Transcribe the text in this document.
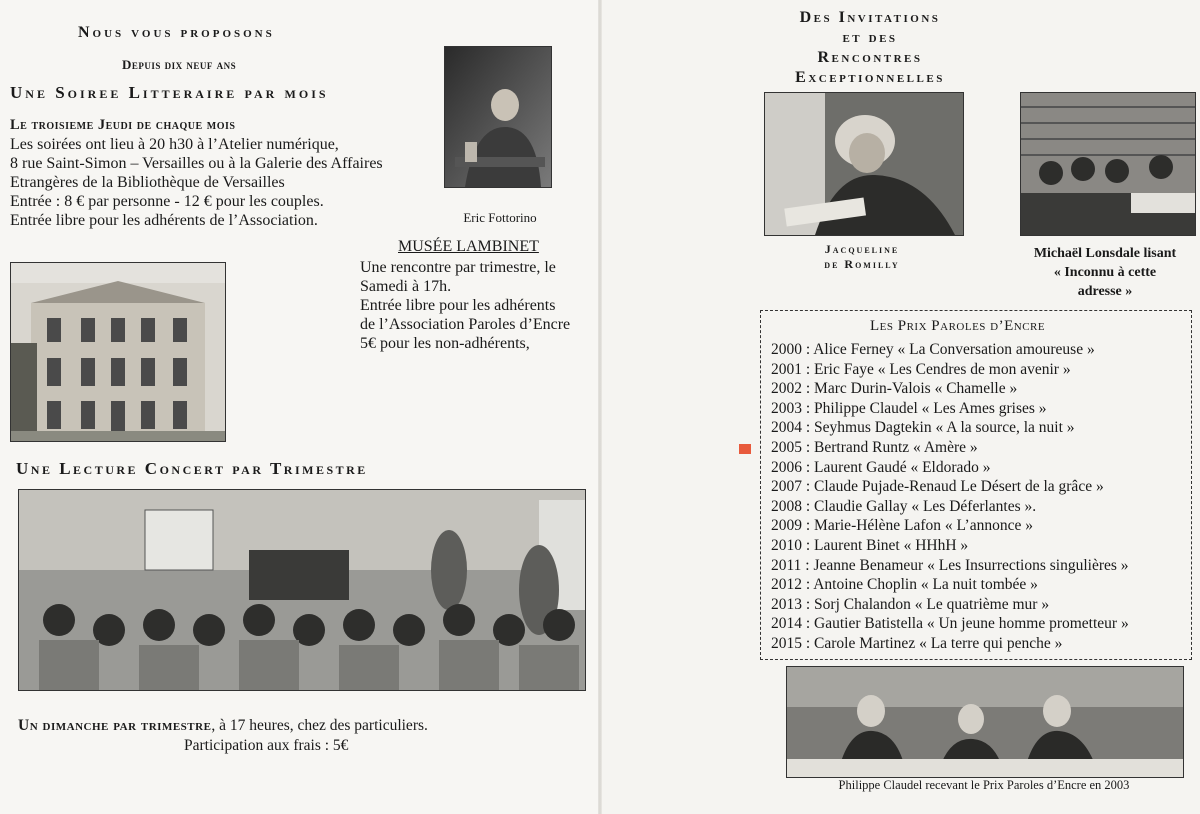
Nous vous proposons
Depuis dix neuf ans
Une Soiree Litteraire par mois
Le troisieme Jeudi de chaque mois
Les soirées ont lieu à 20 h30 à l’Atelier numérique,
8 rue Saint-Simon – Versailles ou à la Galerie des Affaires
Etrangères de la Bibliothèque de Versailles
Entrée : 8 € par personne - 12 € pour les couples.
Entrée libre pour les adhérents de l’Association.	Eric Fottorino
MUSÉE LAMBINET
Une rencontre par trimestre, le
Samedi à 17h.
Entrée libre pour les adhérents
de l’Association Paroles d’Encre
5€ pour les non-adhérents,
Une Lecture Concert par Trimestre
Un dimanche par trimestre, à 17 heures, chez des particuliers.
Participation aux frais : 5€
Des Invitations
et des
Rencontres
Exceptionnelles
Jacqueline
de Romilly
Michaël Lonsdale lisant
« Inconnu à cette
adresse »
Les Prix Paroles d’Encre
2000 : Alice Ferney « La Conversation amoureuse »
2001 : Eric Faye « Les Cendres de mon avenir »
2002 : Marc Durin-Valois « Chamelle »
2003 : Philippe Claudel « Les Ames grises »
2004 : Seyhmus Dagtekin « A la source, la nuit »
2005 : Bertrand Runtz « Amère »
2006 : Laurent Gaudé « Eldorado »
2007 : Claude Pujade-Renaud Le Désert de la grâce »
2008 : Claudie Gallay « Les Déferlantes ».
2009 : Marie-Hélène Lafon « L’annonce »
2010 : Laurent Binet « HHhH »
2011 : Jeanne Benameur « Les Insurrections singulières »
2012 : Antoine Choplin « La nuit tombée »
2013 : Sorj Chalandon « Le quatrième mur »
2014 : Gautier Batistella « Un jeune homme prometteur »
2015 : Carole Martinez « La terre qui penche »
Philippe Claudel recevant le Prix Paroles d’Encre en 2003
